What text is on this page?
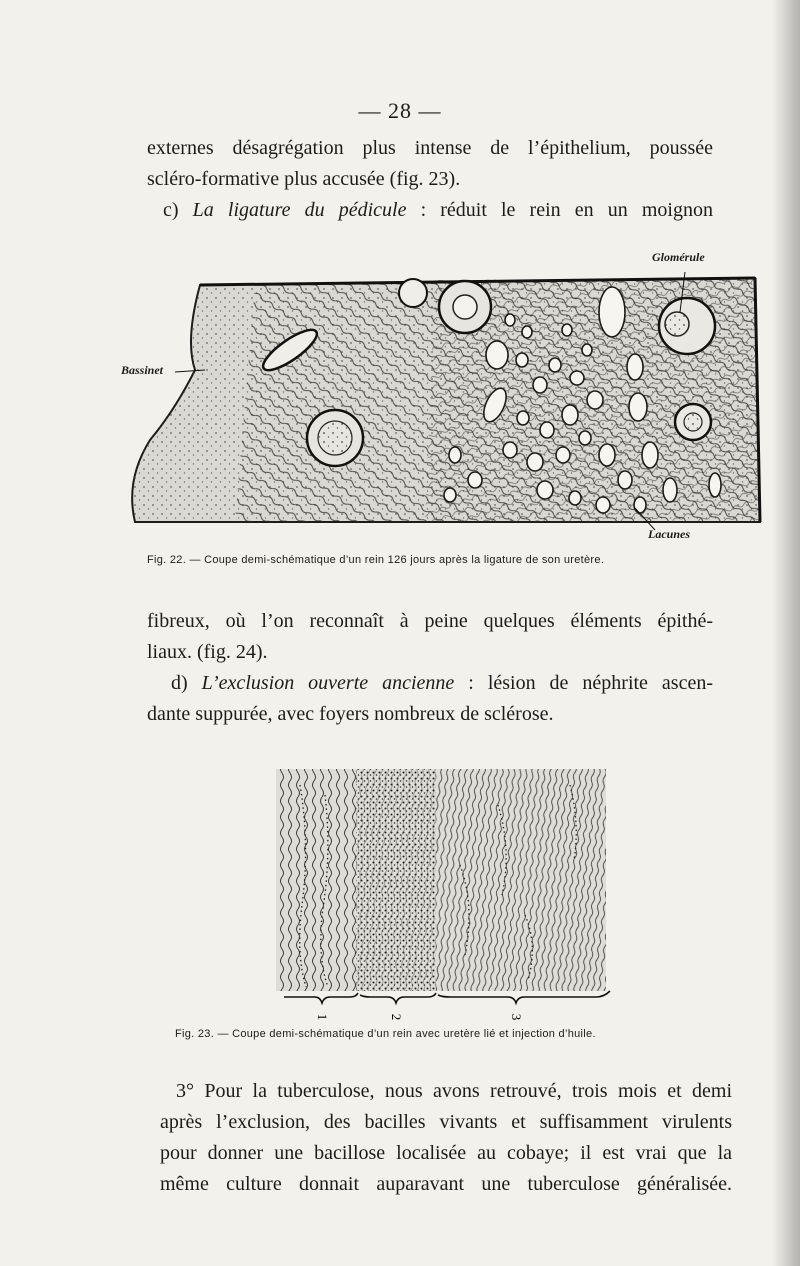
— 28 —
externes désagrégation plus intense de l’épithelium, poussée
scléro-formative plus accusée (fig. 23).
c) La ligature du pédicule : réduit le rein en un moignon
Glomérule
Bassinet
Lacunes
Fig. 22. — Coupe demi-schématique d’un rein 126 jours après la ligature de son uretère.
fibreux, où l’on reconnaît à peine quelques éléments épithé-
liaux. (fig. 24).
d) L’exclusion ouverte ancienne : lésion de néphrite ascen-
dante suppurée, avec foyers nombreux de sclérose.
1	2	3
Fig. 23. — Coupe demi-schématique d’un rein avec uretère lié et injection d’huile.
3° Pour la tuberculose, nous avons retrouvé, trois mois et demi
après l’exclusion, des bacilles vivants et suffisamment virulents
pour donner une bacillose localisée au cobaye; il est vrai que la
même culture donnait auparavant une tuberculose généralisée.
